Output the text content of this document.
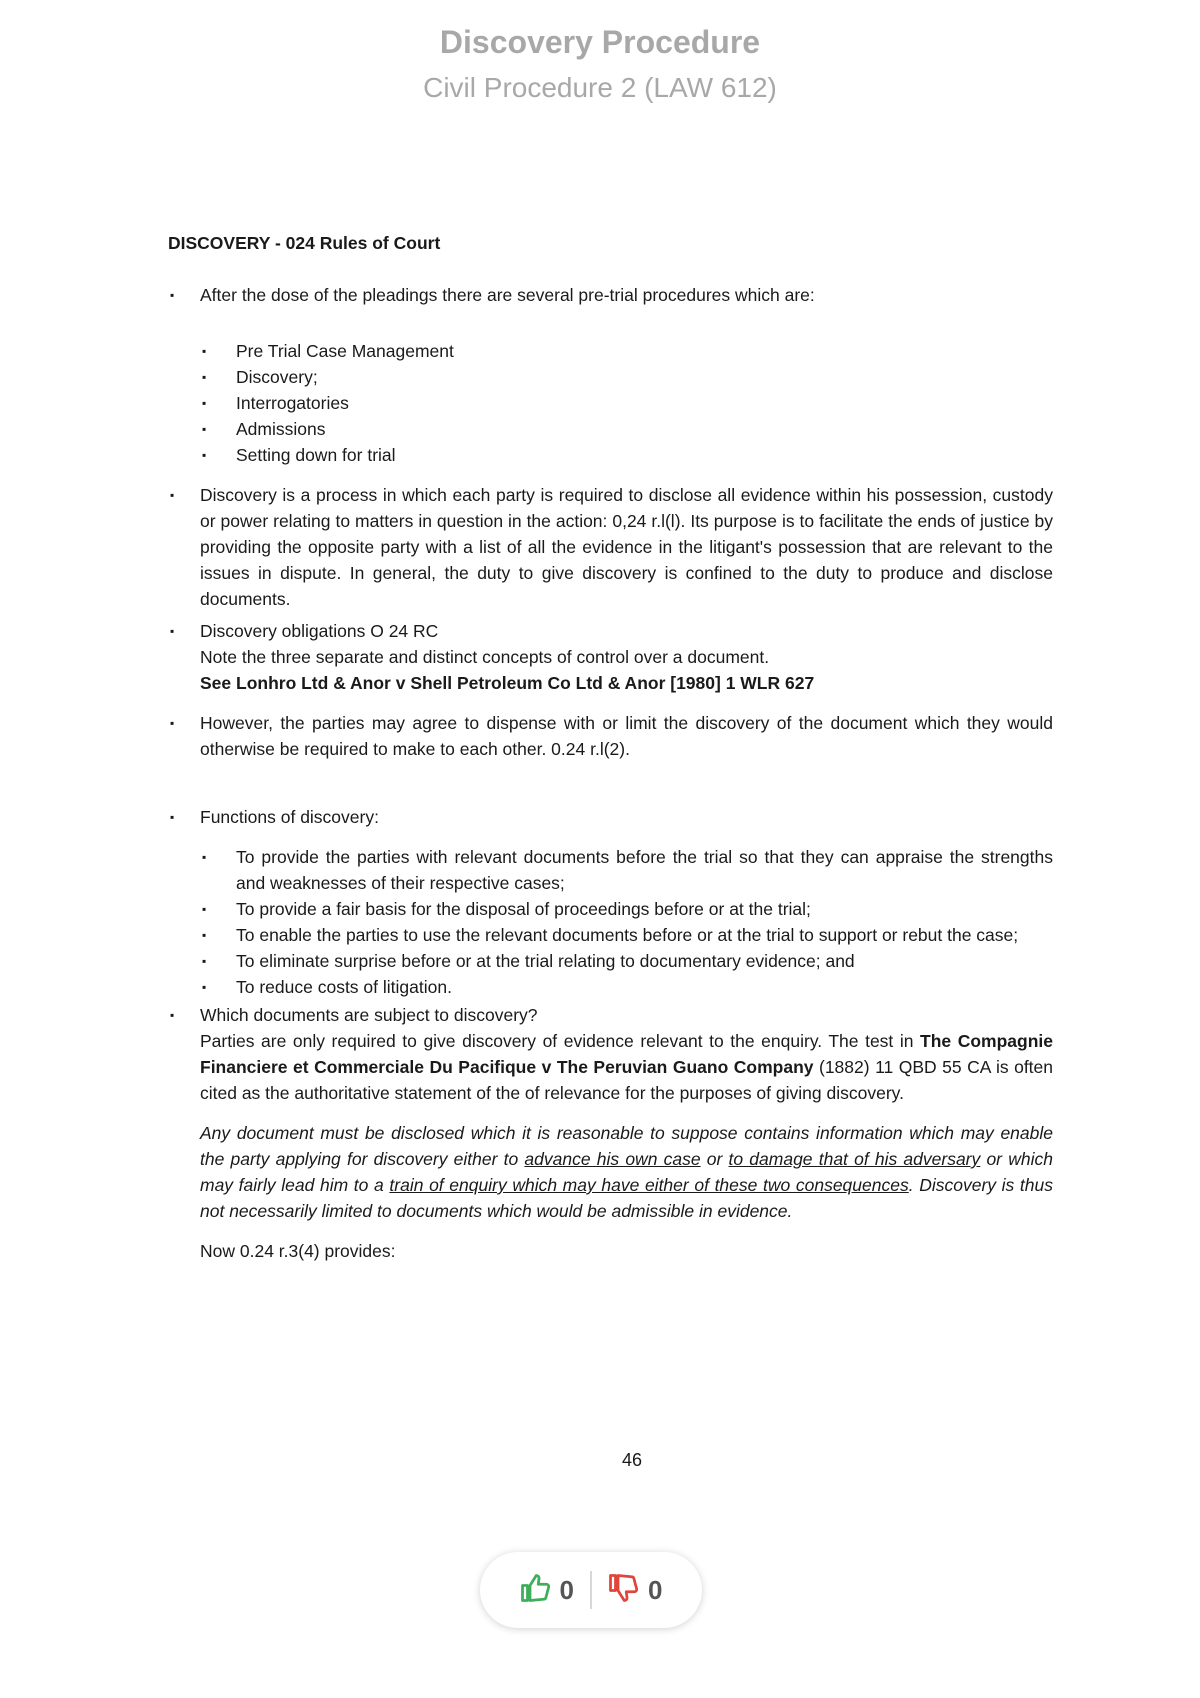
Discovery Procedure
Civil Procedure 2 (LAW 612)
DISCOVERY - 024 Rules of Court
▪ After the dose of the pleadings there are several pre-trial procedures which are:
▪ Pre Trial Case Management
▪ Discovery;
▪ Interrogatories
▪ Admissions
▪ Setting down for trial
▪ Discovery is a process in which each party is required to disclose all evidence within his possession, custody or power relating to matters in question in the action: 0,24 r.l(l). Its purpose is to facilitate the ends of justice by providing the opposite party with a list of all the evidence in the litigant's possession that are relevant to the issues in dispute. In general, the duty to give discovery is confined to the duty to produce and disclose documents.
▪ Discovery obligations O 24 RC
Note the three separate and distinct concepts of control over a document.
See Lonhro Ltd & Anor v Shell Petroleum Co Ltd & Anor [1980] 1 WLR 627
▪ However, the parties may agree to dispense with or limit the discovery of the document which they would otherwise be required to make to each other. 0.24 r.l(2).
▪ Functions of discovery:
▪ To provide the parties with relevant documents before the trial so that they can appraise the strengths and weaknesses of their respective cases;
▪ To provide a fair basis for the disposal of proceedings before or at the trial;
▪ To enable the parties to use the relevant documents before or at the trial to support or rebut the case;
▪ To eliminate surprise before or at the trial relating to documentary evidence; and
▪ To reduce costs of litigation.
▪ Which documents are subject to discovery?
Parties are only required to give discovery of evidence relevant to the enquiry. The test in The Compagnie Financiere et Commerciale Du Pacifique v The Peruvian Guano Company (1882) 11 QBD 55 CA is often cited as the authoritative statement of the of relevance for the purposes of giving discovery.
Any document must be disclosed which it is reasonable to suppose contains information which may enable the party applying for discovery either to advance his own case or to damage that of his adversary or which may fairly lead him to a train of enquiry which may have either of these two consequences. Discovery is thus not necessarily limited to documents which would be admissible in evidence.
Now 0.24 r.3(4) provides:
46
0	0
